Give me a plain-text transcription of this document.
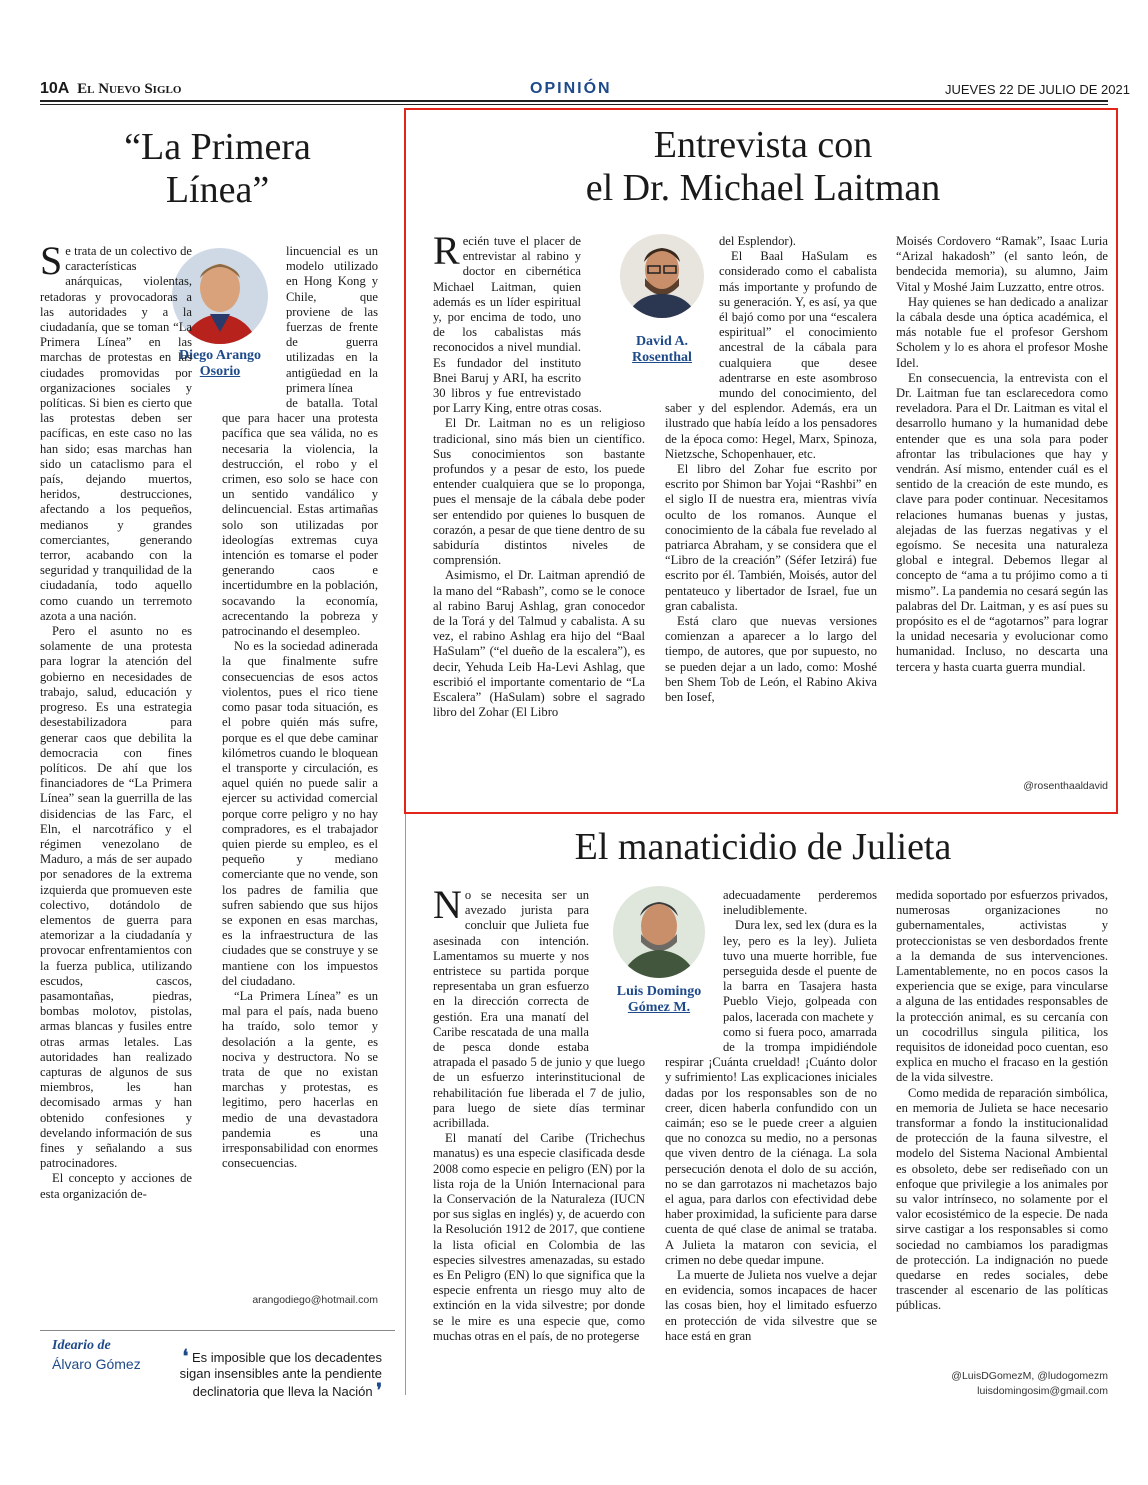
10A El Nuevo Siglo	OPINIÓN	JUEVES 22 DE JULIO DE 2021
“La Primera
Línea”
Diego Arango
Osorio
Entrevista con
el Dr. Michael Laitman
David A.
Rosenthal
El manaticidio de Julieta
Luis Domingo
Gómez M.
Ideario de
Álvaro Gómez	❛ Es imposible que los decadentes sigan insensibles ante la pendiente declinatoria que lleva la Nación ❜

Se trata de un colectivo de características anárquicas, violentas, retadoras y provocadoras a las autoridades y a la ciudadanía, que se toman “La Primera Línea” en las marchas de protestas en las ciudades promovidas por organizaciones sociales y políticas. Si bien es cierto que las protestas deben ser pacíficas, en este caso no las han sido; esas marchas han sido un cataclismo para el país, dejando muertos, heridos, destrucciones, afectando a los pequeños, medianos y grandes comerciantes, generando terror, acabando con la seguridad y tranquilidad de la ciudadanía, todo aquello como cuando un terremoto azota a una nación.

Pero el asunto no es solamente de una protesta para lograr la atención del gobierno en necesidades de trabajo, salud, educación y progreso. Es una estrategia desestabilizadora para generar caos que debilita la democracia con fines políticos. De ahí que los financiadores de “La Primera Línea” sean la guerrilla de las disidencias de las Farc, el Eln, el narcotráfico y el régimen venezolano de Maduro, a más de ser aupado por senadores de la extrema izquierda que promueven este colectivo, dotándolo de elementos de guerra para atemorizar a la ciudadanía y provocar enfrentamientos con la fuerza publica, utilizando escudos, cascos, pasamontañas, piedras, bombas molotov, pistolas, armas blancas y fusiles entre otras armas letales. Las autoridades han realizado capturas de algunos de sus miembros, les han decomisado armas y han obtenido confesiones y develando información de sus fines y señalando a sus patrocinadores.

El concepto y acciones de esta organización de-

lincuencial es un modelo utilizado en Hong Kong y Chile, que proviene de las fuerzas de frente de guerra utilizadas en la antigüedad en la primera línea

de batalla. Total que para hacer una protesta pacífica que sea válida, no es necesaria la violencia, la destrucción, el robo y el crimen, eso solo se hace con un sentido vandálico y delincuencial. Estas artimañas solo son utilizadas por ideologías extremas cuya intención es tomarse el poder generando caos e incertidumbre en la población, socavando la economía, acrecentando la pobreza y patrocinando el desempleo.

No es la sociedad adinerada la que finalmente sufre consecuencias de esos actos violentos, pues el rico tiene como pasar toda situación, es el pobre quién más sufre, porque es el que debe caminar kilómetros cuando le bloquean el transporte y circulación, es aquel quién no puede salir a ejercer su actividad comercial porque corre peligro y no hay compradores, es el trabajador quien pierde su empleo, es el pequeño y mediano comerciante que no vende, son los padres de familia que sufren sabiendo que sus hijos se exponen en esas marchas, es la infraestructura de las ciudades que se construye y se mantiene con los impuestos del ciudadano.

“La Primera Línea” es un mal para el país, nada bueno ha traído, solo temor y desolación a la gente, es nociva y destructora. No se trata de que no existan marchas y protestas, es legitimo, pero hacerlas en medio de una devastadora pandemia es una irresponsabilidad con enormes consecuencias.

arangodiego@hotmail.com

Recién tuve el placer de entrevistar al rabino y doctor en cibernética Michael Laitman, quien además es un líder espiritual y, por encima de todo, uno de los cabalistas más reconocidos a nivel mundial. Es fundador del instituto Bnei Baruj y ARI, ha escrito 30 libros y fue entrevistado por Larry King, entre otras cosas.

El Dr. Laitman no es un religioso tradicional, sino más bien un científico. Sus conocimientos son bastante profundos y a pesar de esto, los puede entender cualquiera que se lo proponga, pues el mensaje de la cábala debe poder ser entendido por quienes lo busquen de corazón, a pesar de que tiene dentro de su sabiduría distintos niveles de comprensión.

Asimismo, el Dr. Laitman aprendió de la mano del “Rabash”, como se le conoce al rabino Baruj Ashlag, gran conocedor de la Torá y del Talmud y cabalista. A su vez, el rabino Ashlag era hijo del “Baal HaSulam” (“el dueño de la escalera”), es decir, Yehuda Leib Ha-Levi Ashlag, que escribió el importante comentario de “La Escalera” (HaSulam) sobre el sagrado libro del Zohar (El Libro

del Esplendor).

El Baal HaSulam es considerado como el cabalista más importante y profundo de su generación. Y, es así, ya que él bajó como por una “escalera espiritual” el conocimiento ancestral de la cábala para cualquiera que desee adentrarse en este asombroso mundo del conocimiento, del saber y del esplendor. Además, era un ilustrado que había leído a los pensadores de la época como: Hegel, Marx, Spinoza, Nietzsche, Schopenhauer, etc.

El libro del Zohar fue escrito por escrito por Shimon bar Yojai “Rashbi” en el siglo II de nuestra era, mientras vivía oculto de los romanos. Aunque el conocimiento de la cábala fue revelado al patriarca Abraham, y se considera que el “Libro de la creación” (Séfer Ietzirá) fue escrito por él. También, Moisés, autor del pentateuco y libertador de Israel, fue un gran cabalista.

Está claro que nuevas versiones comienzan a aparecer a lo largo del tiempo, de autores, que por supuesto, no se pueden dejar a un lado, como: Moshé ben Shem Tob de León, el Rabino Akiva ben Iosef,

Moisés Cordovero “Ramak”, Isaac Luria “Arizal hakadosh” (el santo león, de bendecida memoria), su alumno, Jaim Vital y Moshé Jaim Luzzatto, entre otros.

Hay quienes se han dedicado a analizar la cábala desde una óptica académica, el más notable fue el profesor Gershom Scholem y lo es ahora el profesor Moshe Idel.

En consecuencia, la entrevista con el Dr. Laitman fue tan esclarecedora como reveladora. Para el Dr. Laitman es vital el desarrollo humano y la humanidad debe entender que es una sola para poder afrontar las tribulaciones que hay y vendrán. Así mismo, entender cuál es el sentido de la creación de este mundo, es clave para poder continuar. Necesitamos relaciones humanas buenas y justas, alejadas de las fuerzas negativas y el egoísmo. Se necesita una naturaleza global e integral. Debemos llegar al concepto de “ama a tu prójimo como a ti mismo”. La pandemia no cesará según las palabras del Dr. Laitman, y es así pues su propósito es el de “agotarnos” para lograr la unidad necesaria y evolucionar como humanidad. Incluso, no descarta una tercera y hasta cuarta guerra mundial.

@rosenthaaldavid

No se necesita ser un avezado jurista para concluir que Julieta fue asesinada con intención. Lamentamos su muerte y nos entristece su partida porque representaba un gran esfuerzo en la dirección correcta de gestión. Era una manatí del Caribe rescatada de una malla de pesca donde estaba atrapada el pasado 5 de junio y que luego de un esfuerzo interinstitucional de rehabilitación fue liberada el 7 de julio, para luego de siete días terminar acribillada.

El manatí del Caribe (Trichechus manatus) es una especie clasificada desde 2008 como especie en peligro (EN) por la lista roja de la Unión Internacional para la Conservación de la Naturaleza (IUCN por sus siglas en inglés) y, de acuerdo con la Resolución 1912 de 2017, que contiene la lista oficial en Colombia de las especies silvestres amenazadas, su estado es En Peligro (EN) lo que significa que la especie enfrenta un riesgo muy alto de extinción en la vida silvestre; por donde se le mire es una especie que, como muchas otras en el país, de no protegerse

adecuadamente perderemos ineludiblemente.

Dura lex, sed lex (dura es la ley, pero es la ley). Julieta tuvo una muerte horrible, fue perseguida desde el puente de la barra en Tasajera hasta Pueblo Viejo, golpeada con palos, lacerada con machete y

como si fuera poco, amarrada de la trompa impidiéndole respirar ¡Cuánta crueldad! ¡Cuánto dolor y sufrimiento! Las explicaciones iniciales dadas por los responsables son de no creer, dicen haberla confundido con un caimán; eso se le puede creer a alguien que no conozca su medio, no a personas que viven dentro de la ciénaga. La sola persecución denota el dolo de su acción, no se dan garrotazos ni machetazos bajo el agua, para darlos con efectividad debe haber proximidad, la suficiente para darse cuenta de qué clase de animal se trataba. A Julieta la mataron con sevicia, el crimen no debe quedar impune.

La muerte de Julieta nos vuelve a dejar en evidencia, somos incapaces de hacer las cosas bien, hoy el limitado esfuerzo en protección de vida silvestre que se hace está en gran

medida soportado por esfuerzos privados, numerosas organizaciones no gubernamentales, activistas y proteccionistas se ven desbordados frente a la demanda de sus intervenciones. Lamentablemente, no en pocos casos la experiencia que se exige, para vincularse a alguna de las entidades responsables de la protección animal, es su cercanía con un cocodrillus singula pilitica, los requisitos de idoneidad poco cuentan, eso explica en mucho el fracaso en la gestión de la vida silvestre.

Como medida de reparación simbólica, en memoria de Julieta se hace necesario transformar a fondo la institucionalidad de protección de la fauna silvestre, el modelo del Sistema Nacional Ambiental es obsoleto, debe ser rediseñado con un enfoque que privilegie a los animales por su valor intrínseco, no solamente por el valor ecosistémico de la especie. De nada sirve castigar a los responsables si como sociedad no cambiamos los paradigmas de protección. La indignación no puede quedarse en redes sociales, debe trascender al escenario de las políticas públicas.

@LuisDGomezM, @ludogomezm
luisdomingosim@gmail.com
